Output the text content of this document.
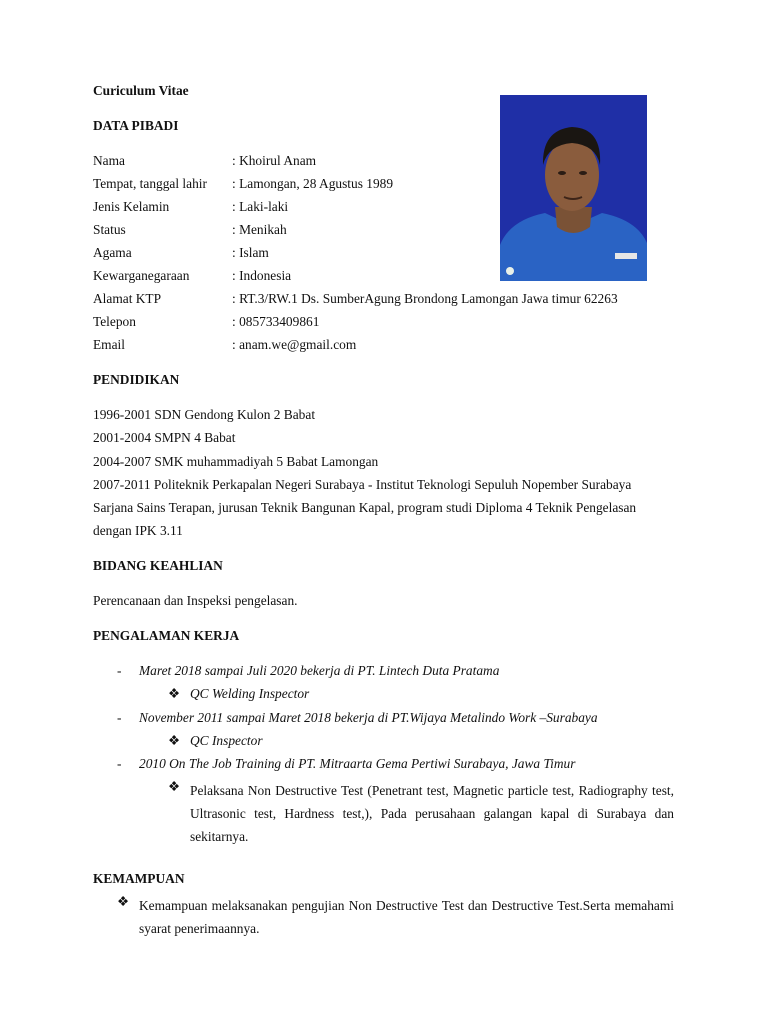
Curiculum Vitae
DATA PIBADI
Nama	: Khoirul Anam
Tempat, tanggal lahir : Lamongan, 28 Agustus 1989
Jenis Kelamin	: Laki-laki
Status	: Menikah
Agama	: Islam
Kewarganegaraan	: Indonesia
Alamat KTP	: RT.3/RW.1 Ds. SumberAgung Brondong Lamongan Jawa timur 62263
Telepon	: 085733409861
Email	: anam.we@gmail.com
PENDIDIKAN
1996-2001 SDN Gendong Kulon 2 Babat
2001-2004 SMPN 4 Babat
2004-2007 SMK muhammadiyah 5 Babat Lamongan
2007-2011 Politeknik Perkapalan Negeri Surabaya - Institut Teknologi Sepuluh Nopember Surabaya
Sarjana Sains Terapan, jurusan Teknik Bangunan Kapal, program studi Diploma 4 Teknik Pengelasan
dengan IPK 3.11
BIDANG KEAHLIAN
Perencanaan dan Inspeksi pengelasan.
PENGALAMAN KERJA
- Maret 2018 sampai Juli 2020 bekerja di PT. Lintech Duta Pratama
❖ QC Welding Inspector
- November 2011 sampai Maret 2018 bekerja di PT.Wijaya Metalindo Work –Surabaya
❖ QC Inspector
- 2010 On The Job Training di PT. Mitraarta Gema Pertiwi Surabaya, Jawa Timur
❖ Pelaksana Non Destructive Test (Penetrant test, Magnetic particle test, Radiography test, Ultrasonic test, Hardness test,), Pada perusahaan galangan kapal di Surabaya dan sekitarnya.
KEMAMPUAN
❖ Kemampuan melaksanakan pengujian Non Destructive Test dan Destructive Test.Serta memahami syarat penerimaannya.
